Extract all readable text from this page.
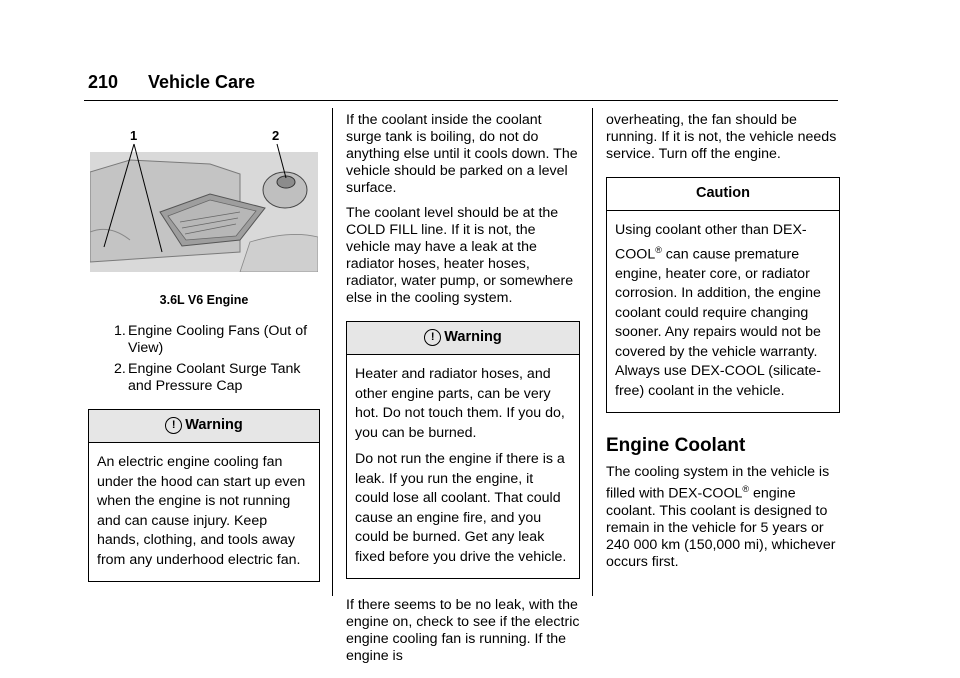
210 Vehicle Care
1	2
3.6L V6 Engine
1. Engine Cooling Fans (Out of View)
2. Engine Coolant Surge Tank and Pressure Cap
! Warning

An electric engine cooling fan under the hood can start up even when the engine is not running and can cause injury. Keep hands, clothing, and tools away from any underhood electric fan.

If the coolant inside the coolant surge tank is boiling, do not do anything else until it cools down. The vehicle should be parked on a level surface.

The coolant level should be at the COLD FILL line. If it is not, the vehicle may have a leak at the radiator hoses, heater hoses, radiator, water pump, or somewhere else in the cooling system.

! Warning

Heater and radiator hoses, and other engine parts, can be very hot. Do not touch them. If you do, you can be burned.

Do not run the engine if there is a leak. If you run the engine, it could lose all coolant. That could cause an engine fire, and you could be burned. Get any leak fixed before you drive the vehicle.

If there seems to be no leak, with the engine on, check to see if the electric engine cooling fan is running. If the engine is

overheating, the fan should be running. If it is not, the vehicle needs service. Turn off the engine.

Caution

Using coolant other than DEX-COOL® can cause premature engine, heater core, or radiator corrosion. In addition, the engine coolant could require changing sooner. Any repairs would not be covered by the vehicle warranty. Always use DEX-COOL (silicate-free) coolant in the vehicle.

Engine Coolant

The cooling system in the vehicle is filled with DEX-COOL® engine coolant. This coolant is designed to remain in the vehicle for 5 years or 240 000 km (150,000 mi), whichever occurs first.
